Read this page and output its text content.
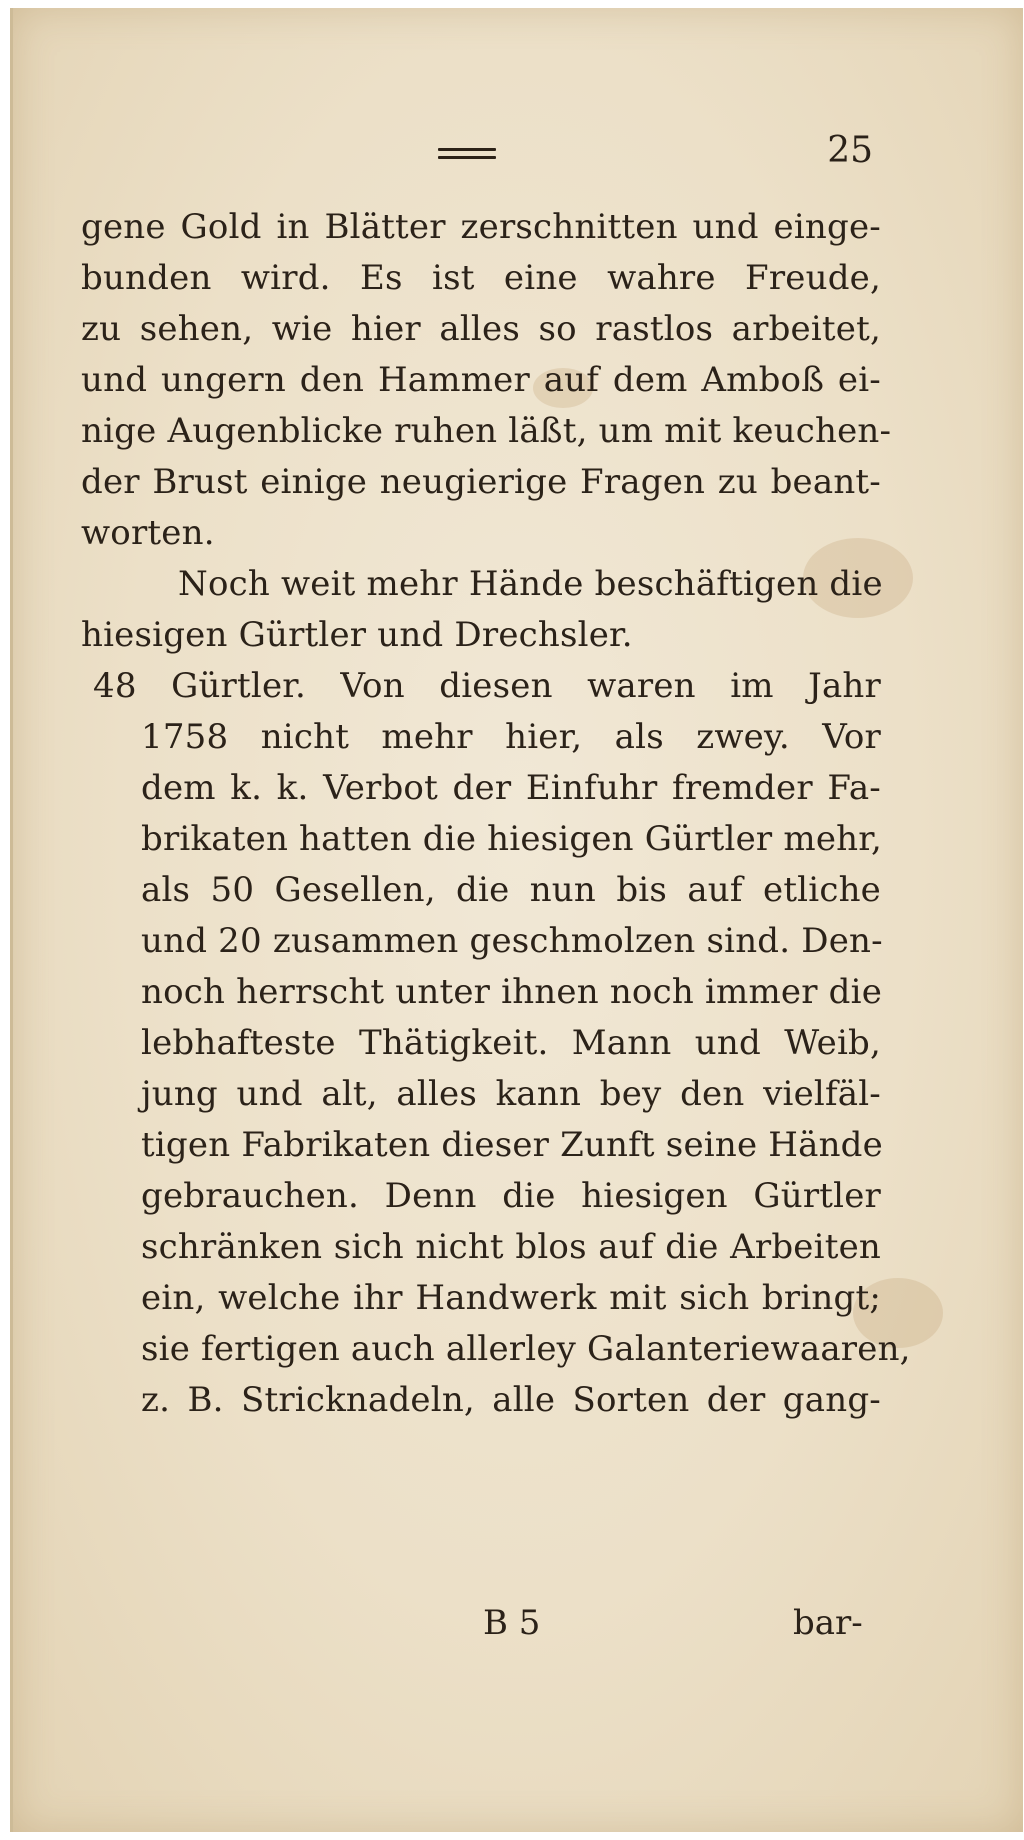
25
gene Gold in Blätter zerschnitten und einge-
bunden wird. Es ist eine wahre Freude,
zu sehen, wie hier alles so rastlos arbeitet,
und ungern den Hammer auf dem Amboß ei-
nige Augenblicke ruhen läßt, um mit keuchen-
der Brust einige neugierige Fragen zu beant-
worten.
Noch weit mehr Hände beschäftigen die
hiesigen Gürtler und Drechsler.
48 Gürtler. Von diesen waren im Jahr
1758 nicht mehr hier, als zwey. Vor
dem k. k. Verbot der Einfuhr fremder Fa-
brikaten hatten die hiesigen Gürtler mehr,
als 50 Gesellen, die nun bis auf etliche
und 20 zusammen geschmolzen sind. Den-
noch herrscht unter ihnen noch immer die
lebhafteste Thätigkeit. Mann und Weib,
jung und alt, alles kann bey den vielfäl-
tigen Fabrikaten dieser Zunft seine Hände
gebrauchen. Denn die hiesigen Gürtler
schränken sich nicht blos auf die Arbeiten
ein, welche ihr Handwerk mit sich bringt;
sie fertigen auch allerley Galanteriewaaren,
z. B. Stricknadeln, alle Sorten der gang-
B 5	bar-
